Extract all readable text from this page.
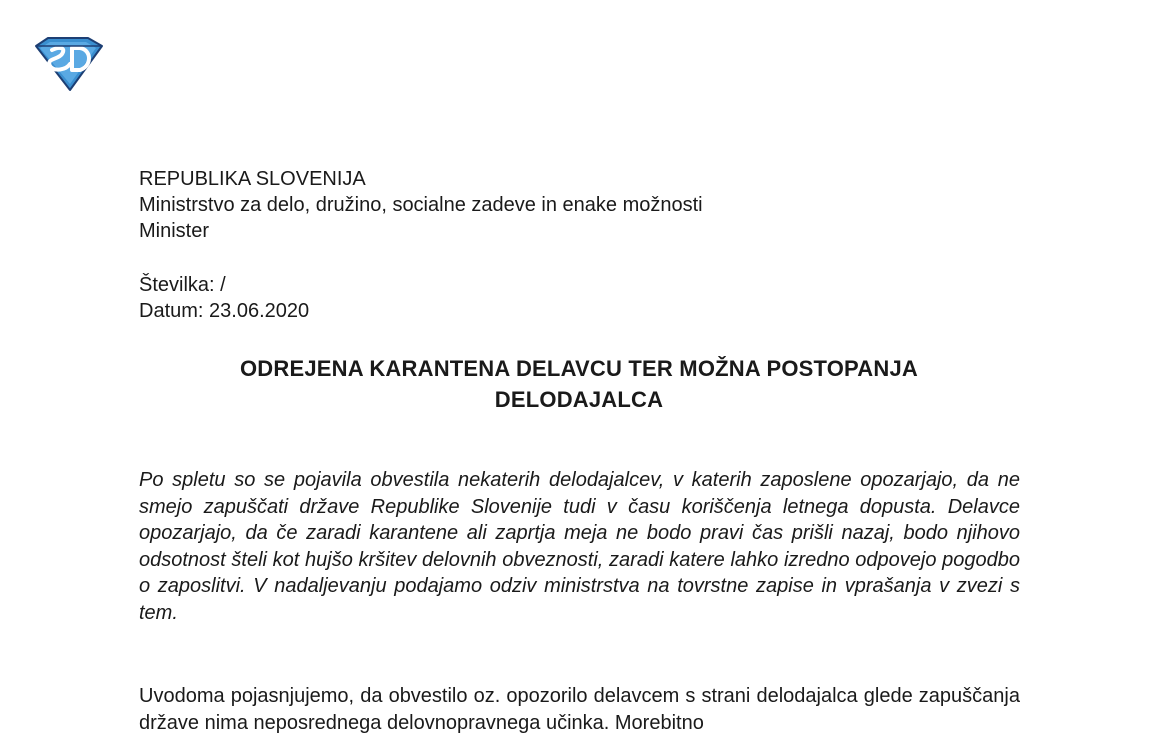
REPUBLIKA SLOVENIJA
Ministrstvo za delo, družino, socialne zadeve in enake možnosti
Minister
Številka: /
Datum: 23.06.2020
ODREJENA KARANTENA DELAVCU TER MOŽNA POSTOPANJA
DELODAJALCA

Po spletu so se pojavila obvestila nekaterih delodajalcev, v katerih zaposlene opozarjajo, da ne smejo zapuščati države Republike Slovenije tudi v času koriščenja letnega dopusta. Delavce opozarjajo, da če zaradi karantene ali zaprtja meja ne bodo pravi čas prišli nazaj, bodo njihovo odsotnost šteli kot hujšo kršitev delovnih obveznosti, zaradi katere lahko izredno odpovejo pogodbo o zaposlitvi. V nadaljevanju podajamo odziv ministrstva na tovrstne zapise in vprašanja v zvezi s tem.

Uvodoma pojasnjujemo, da obvestilo oz. opozorilo delavcem s strani delodajalca glede zapuščanja države nima neposrednega delovnopravnega učinka. Morebitno
